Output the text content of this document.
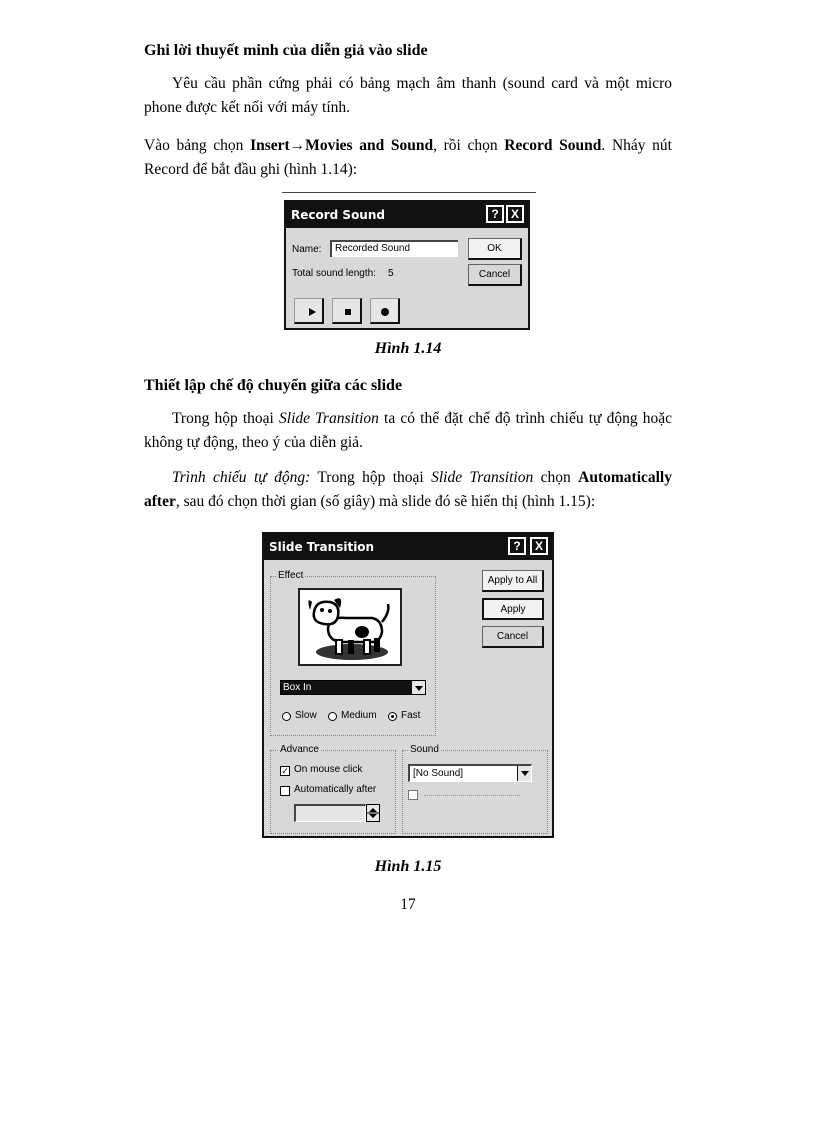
Ghi lời thuyết minh của diễn giả vào slide

Yêu cầu phần cứng phải có bảng mạch âm thanh (sound card và một micro phone được kết nối với máy tính.

Vào bảng chọn Insert→Movies and Sound, rồi chọn Record Sound. Nháy nút Record để bắt đầu ghi (hình 1.14):

Record Sound	?	X
Name:	Recorded Sound
Total sound length: 5
OK
Cancel
Hình 1.14
Thiết lập chế độ chuyển giữa các slide

Trong hộp thoại Slide Transition ta có thể đặt chế độ trình chiếu tự động hoặc không tự động, theo ý của diễn giả.

Trình chiếu tự động: Trong hộp thoại Slide Transition chọn Automatically after, sau đó chọn thời gian (số giây) mà slide đó sẽ hiển thị (hình 1.15):

Slide Transition	?	X
Effect
Box In
Slow Medium Fast
Apply to All
Apply
Cancel
Advance
✓ On mouse click
Automatically after
Sound
[No Sound]
Hình 1.15
17
